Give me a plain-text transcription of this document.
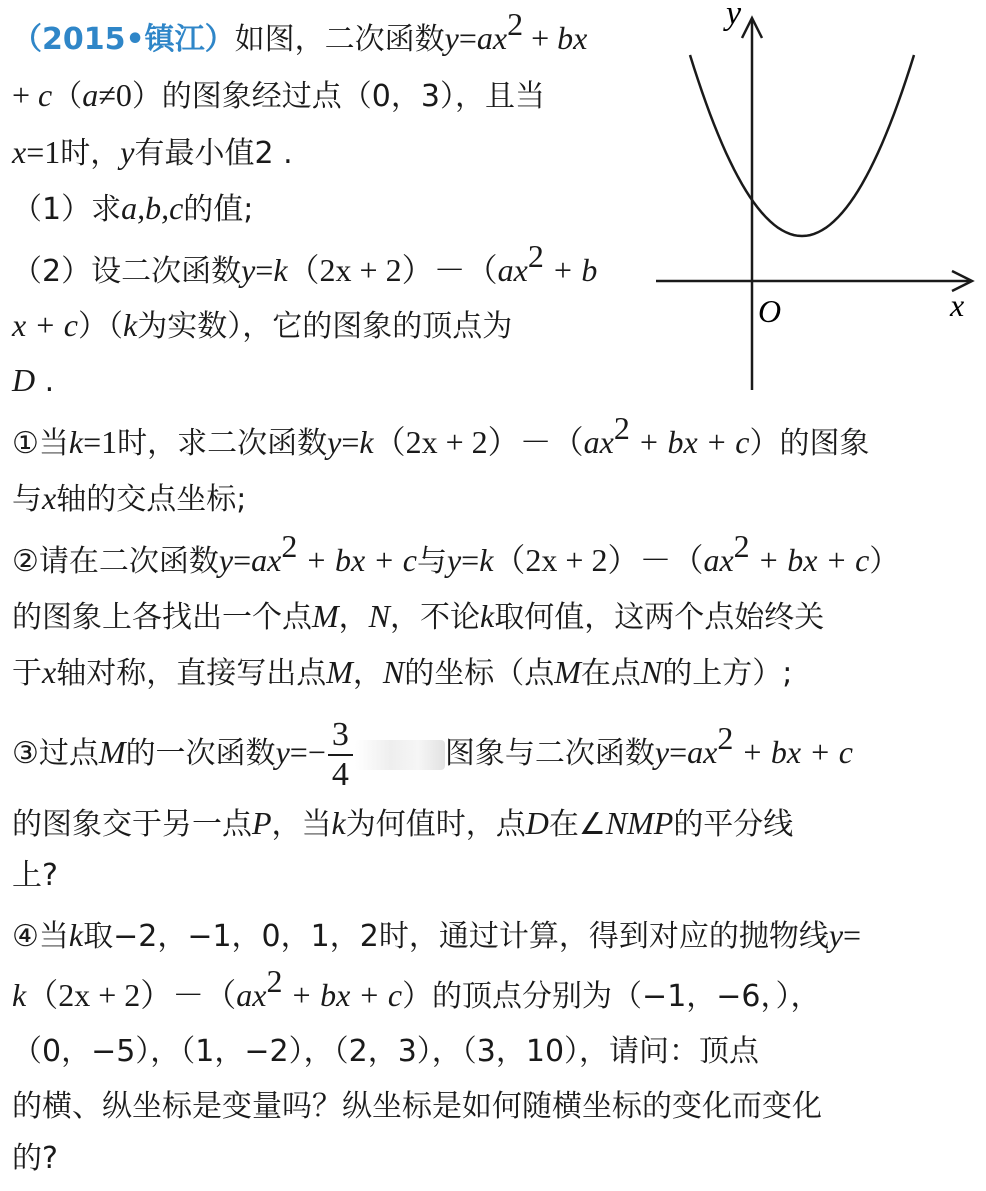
（2015•镇江）如图，二次函数$y=ax^2$ + bx
+ c（a≠0）的图象经过点（0，3），且当
x=1时，y有最小值2 .
（1）求a,b,c的值;
（2）设二次函数$y=k(2x + 2)-(ax^2 + b$
x + c）（k为实数），它的图象的顶点为
D .
①当k=1时，求二次函数$y=k(2x + 2)-(ax^2$ + bx + c）的图象
与x轴的交点坐标;
②请在二次函数$y=ax^2$ + bx + c与$y=k(2x + 2)-(ax^2$ + bx + c）
的图象上各找出一个点M，N，不论k取何值，这两个点始终关
于x轴对称，直接写出点M，N的坐标（点M在点N的上方）;
③过点M的一次函数$y=- \frac{3}{4}$	图象与二次函数$y=ax^2$ + bx + c
的图象交于另一点P，当k为何值时，点D在∠NMP的平分线
上?
④当k取−2，−1，0，1，2时，通过计算，得到对应的抛物线y=
$k(2x + 2)-(ax^2$ + bx + c）的顶点分别为（−1，−6，），
（0，−5），（1，−2），（2，3），（3，10），请问：顶点
的横、纵坐标是变量吗？纵坐标是如何随横坐标的变化而变化
的?
y
x
O
